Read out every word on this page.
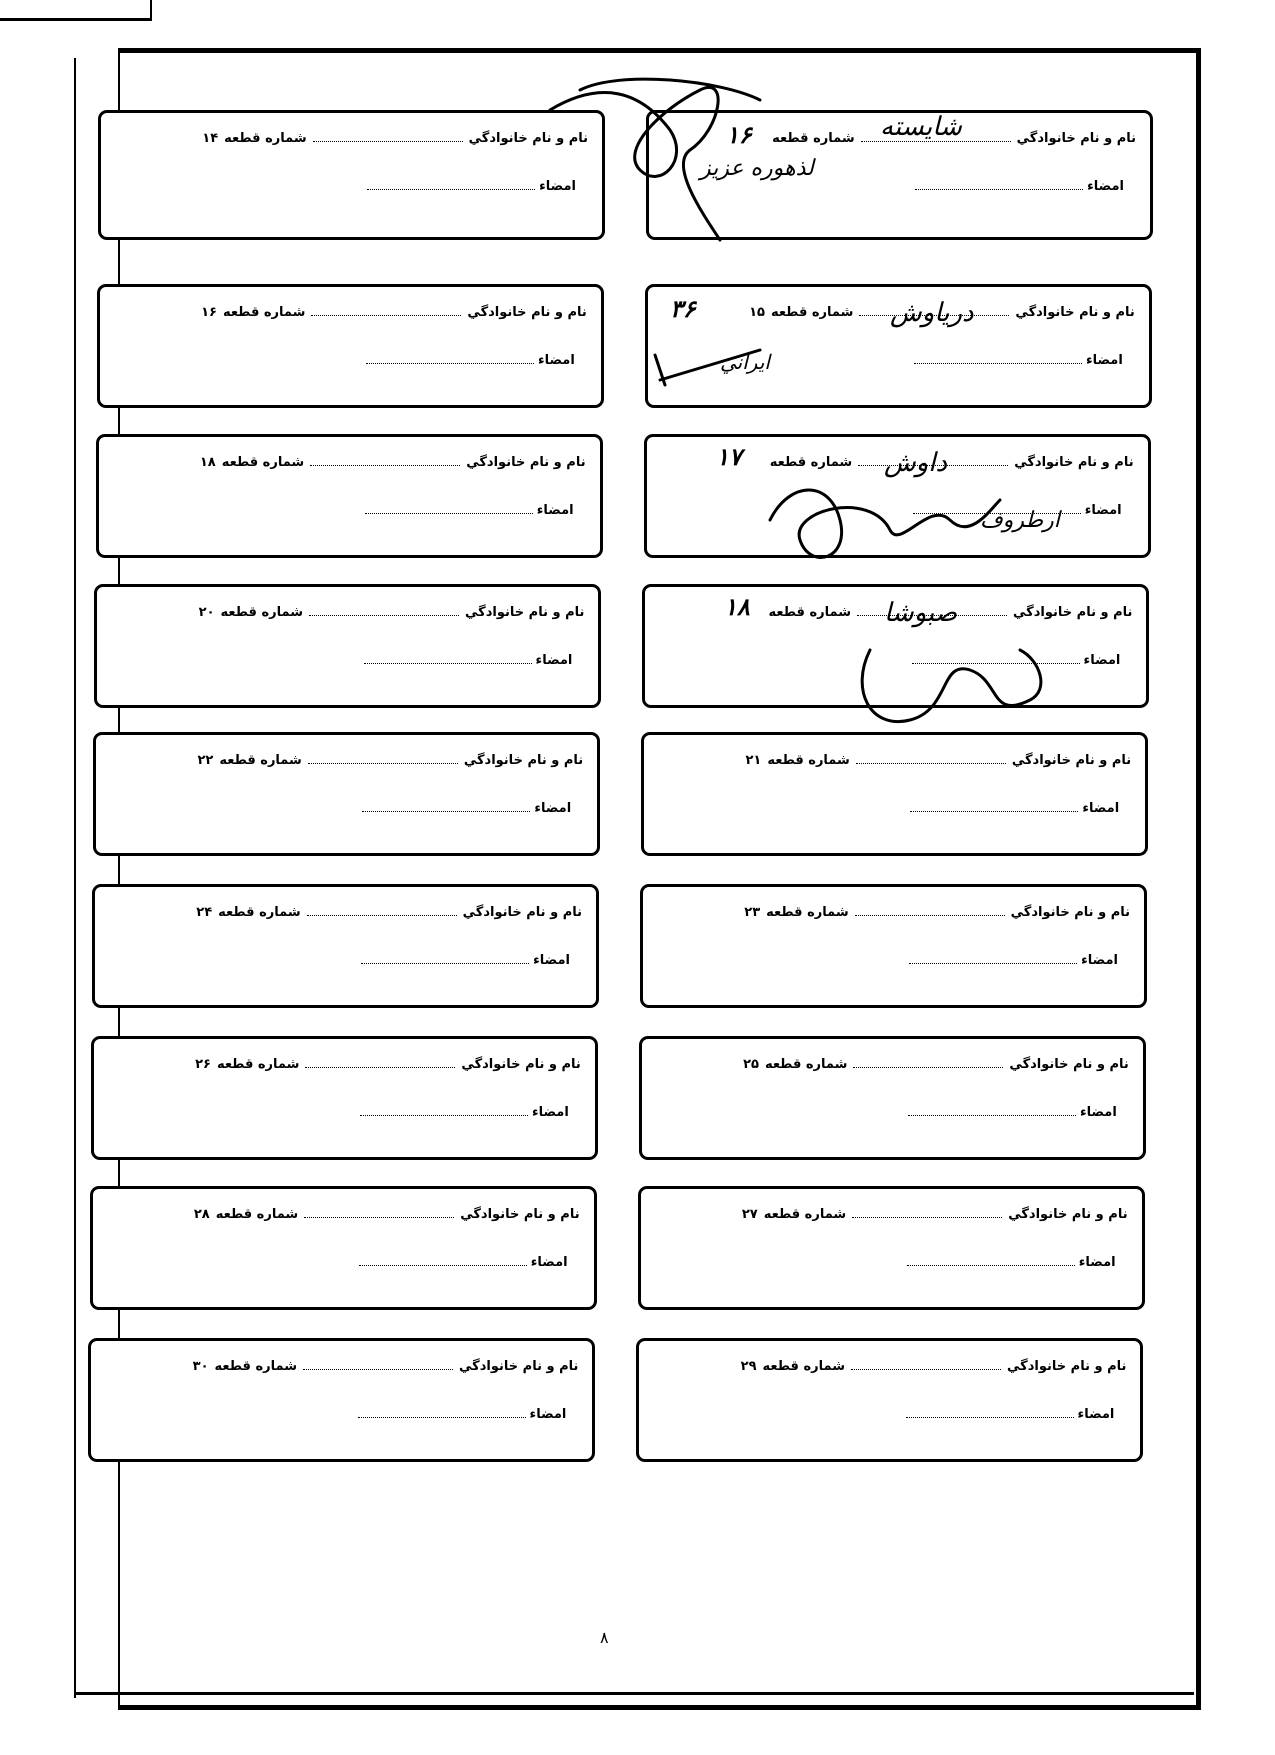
نام و نام خانوادگي
شماره قطعه
۱۴
امضاء
نام و نام خانوادگي
شماره قطعه
امضاء
نام و نام خانوادگي
شماره قطعه
۱۶
امضاء
نام و نام خانوادگي
شماره قطعه
۱۵
امضاء
نام و نام خانوادگي
شماره قطعه
۱۸
امضاء
نام و نام خانوادگي
شماره قطعه
امضاء
نام و نام خانوادگي
شماره قطعه
۲۰
امضاء
نام و نام خانوادگي
شماره قطعه
امضاء
نام و نام خانوادگي
شماره قطعه
۲۲
امضاء
نام و نام خانوادگي
شماره قطعه
۲۱
امضاء
نام و نام خانوادگي
شماره قطعه
۲۴
امضاء
نام و نام خانوادگي
شماره قطعه
۲۳
امضاء
نام و نام خانوادگي
شماره قطعه
۲۶
امضاء
نام و نام خانوادگي
شماره قطعه
۲۵
امضاء
نام و نام خانوادگي
شماره قطعه
۲۸
امضاء
نام و نام خانوادگي
شماره قطعه
۲۷
امضاء
نام و نام خانوادگي
شماره قطعه
۳۰
امضاء
نام و نام خانوادگي
شماره قطعه
۲۹
امضاء
۱۶	شايسته
لذهوره عزيز
۳۶	درياوش
ايراني
۱۷	داوش
ارطروف
۱۸	صبوشا
۸
